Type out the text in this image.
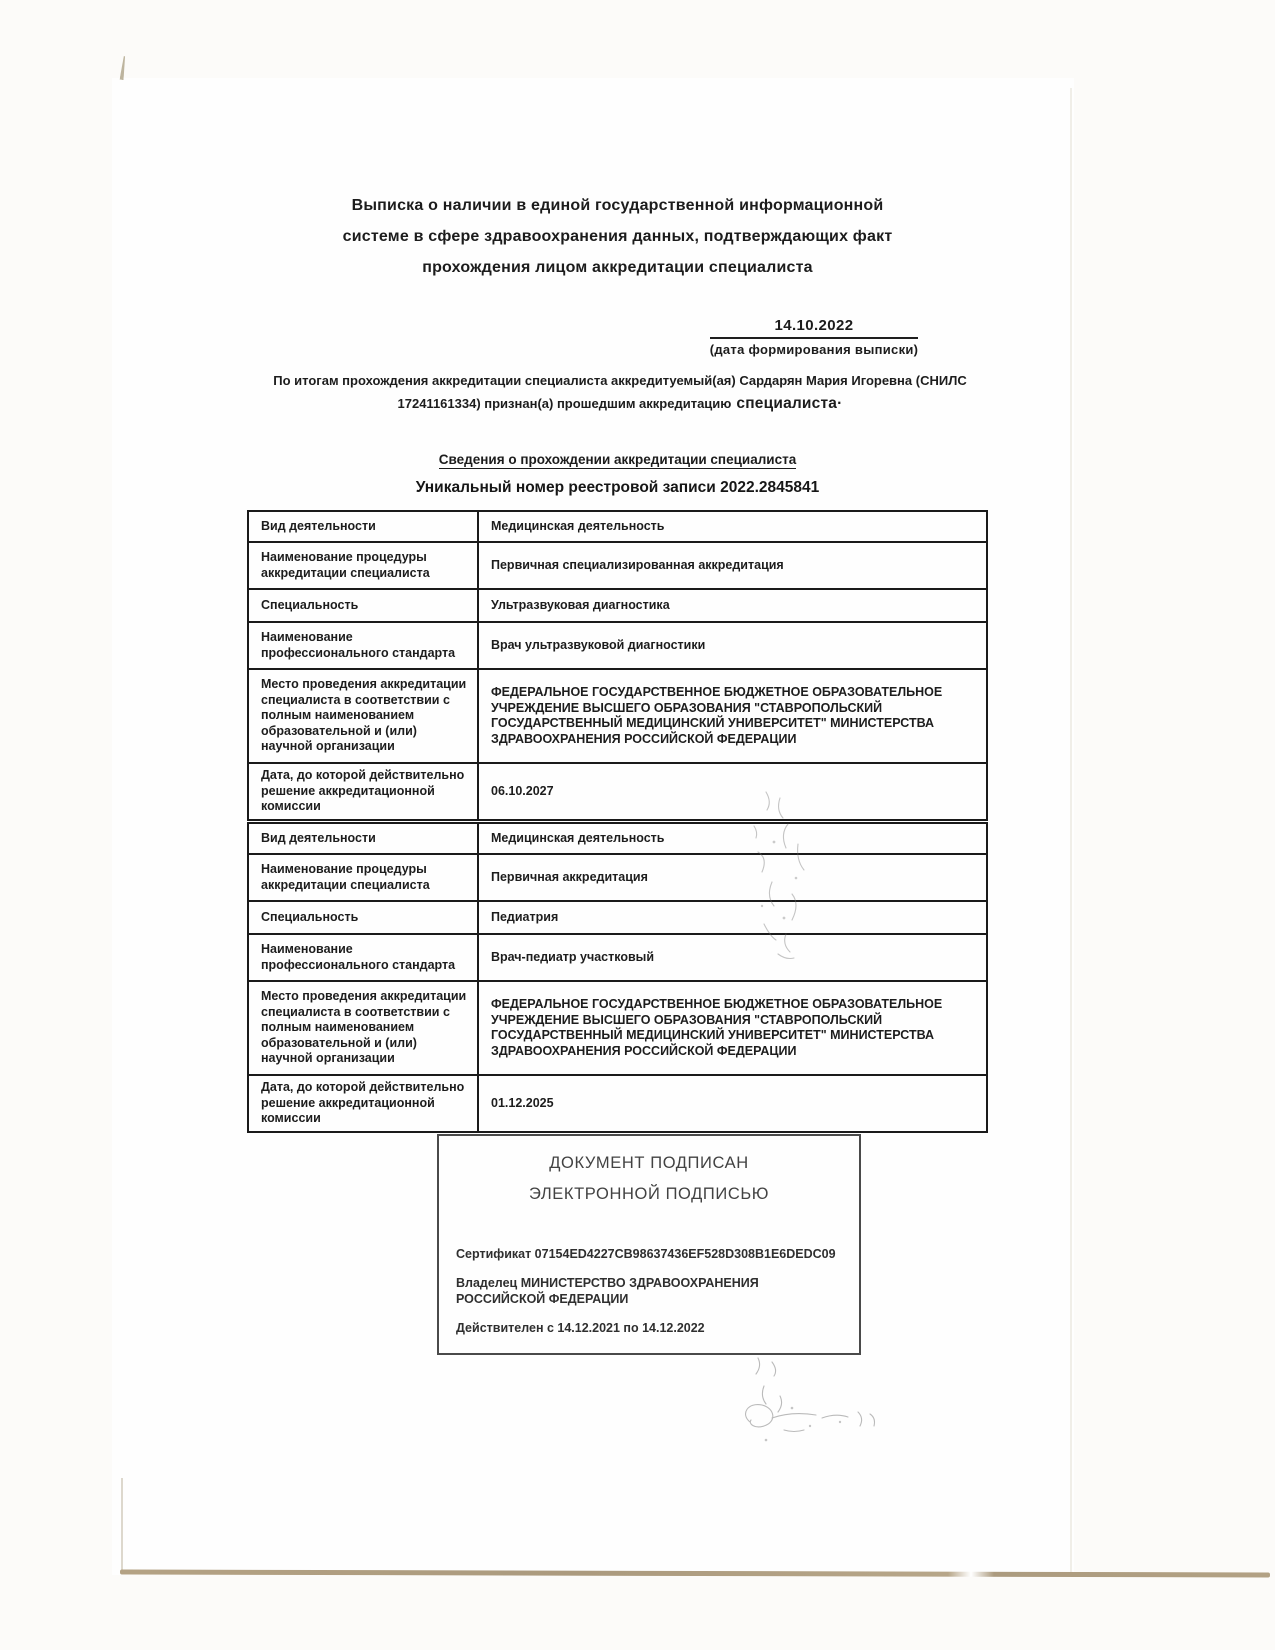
Выписка о наличии в единой государственной информационной
системе в сфере здравоохранения данных, подтверждающих факт
прохождения лицом аккредитации специалиста
14.10.2022
(дата формирования выписки)
По итогам прохождения аккредитации специалиста аккредитуемый(ая) Сардарян Мария Игоревна (СНИЛС
17241161334) признан(а) прошедшим аккредитацию специалиста·
Сведения о прохождении аккредитации специалиста
Уникальный номер реестровой записи 2022.2845841
Вид деятельности	Медицинская деятельность
Наименование процедуры аккредитации специалиста	Первичная специализированная аккредитация
Специальность	Ультразвуковая диагностика
Наименование профессионального стандарта	Врач ультразвуковой диагностики
Место проведения аккредитации специалиста в соответствии с полным наименованием образовательной и (или) научной организации	ФЕДЕРАЛЬНОЕ ГОСУДАРСТВЕННОЕ БЮДЖЕТНОЕ ОБРАЗОВАТЕЛЬНОЕ УЧРЕЖДЕНИЕ ВЫСШЕГО ОБРАЗОВАНИЯ "СТАВРОПОЛЬСКИЙ ГОСУДАРСТВЕННЫЙ МЕДИЦИНСКИЙ УНИВЕРСИТЕТ" МИНИСТЕРСТВА ЗДРАВООХРАНЕНИЯ РОССИЙСКОЙ ФЕДЕРАЦИИ
Дата, до которой действительно решение аккредитационной комиссии	06.10.2027
Вид деятельности	Медицинская деятельность
Наименование процедуры аккредитации специалиста	Первичная аккредитация
Специальность	Педиатрия
Наименование профессионального стандарта	Врач-педиатр участковый
Место проведения аккредитации специалиста в соответствии с полным наименованием образовательной и (или) научной организации	ФЕДЕРАЛЬНОЕ ГОСУДАРСТВЕННОЕ БЮДЖЕТНОЕ ОБРАЗОВАТЕЛЬНОЕ УЧРЕЖДЕНИЕ ВЫСШЕГО ОБРАЗОВАНИЯ "СТАВРОПОЛЬСКИЙ ГОСУДАРСТВЕННЫЙ МЕДИЦИНСКИЙ УНИВЕРСИТЕТ" МИНИСТЕРСТВА ЗДРАВООХРАНЕНИЯ РОССИЙСКОЙ ФЕДЕРАЦИИ
Дата, до которой действительно решение аккредитационной комиссии	01.12.2025
ДОКУМЕНТ ПОДПИСАН
ЭЛЕКТРОННОЙ ПОДПИСЬЮ
Сертификат 07154ED4227CB98637436EF528D308B1E6DEDC09
Владелец МИНИСТЕРСТВО ЗДРАВООХРАНЕНИЯ РОССИЙСКОЙ ФЕДЕРАЦИИ
Действителен с 14.12.2021 по 14.12.2022
